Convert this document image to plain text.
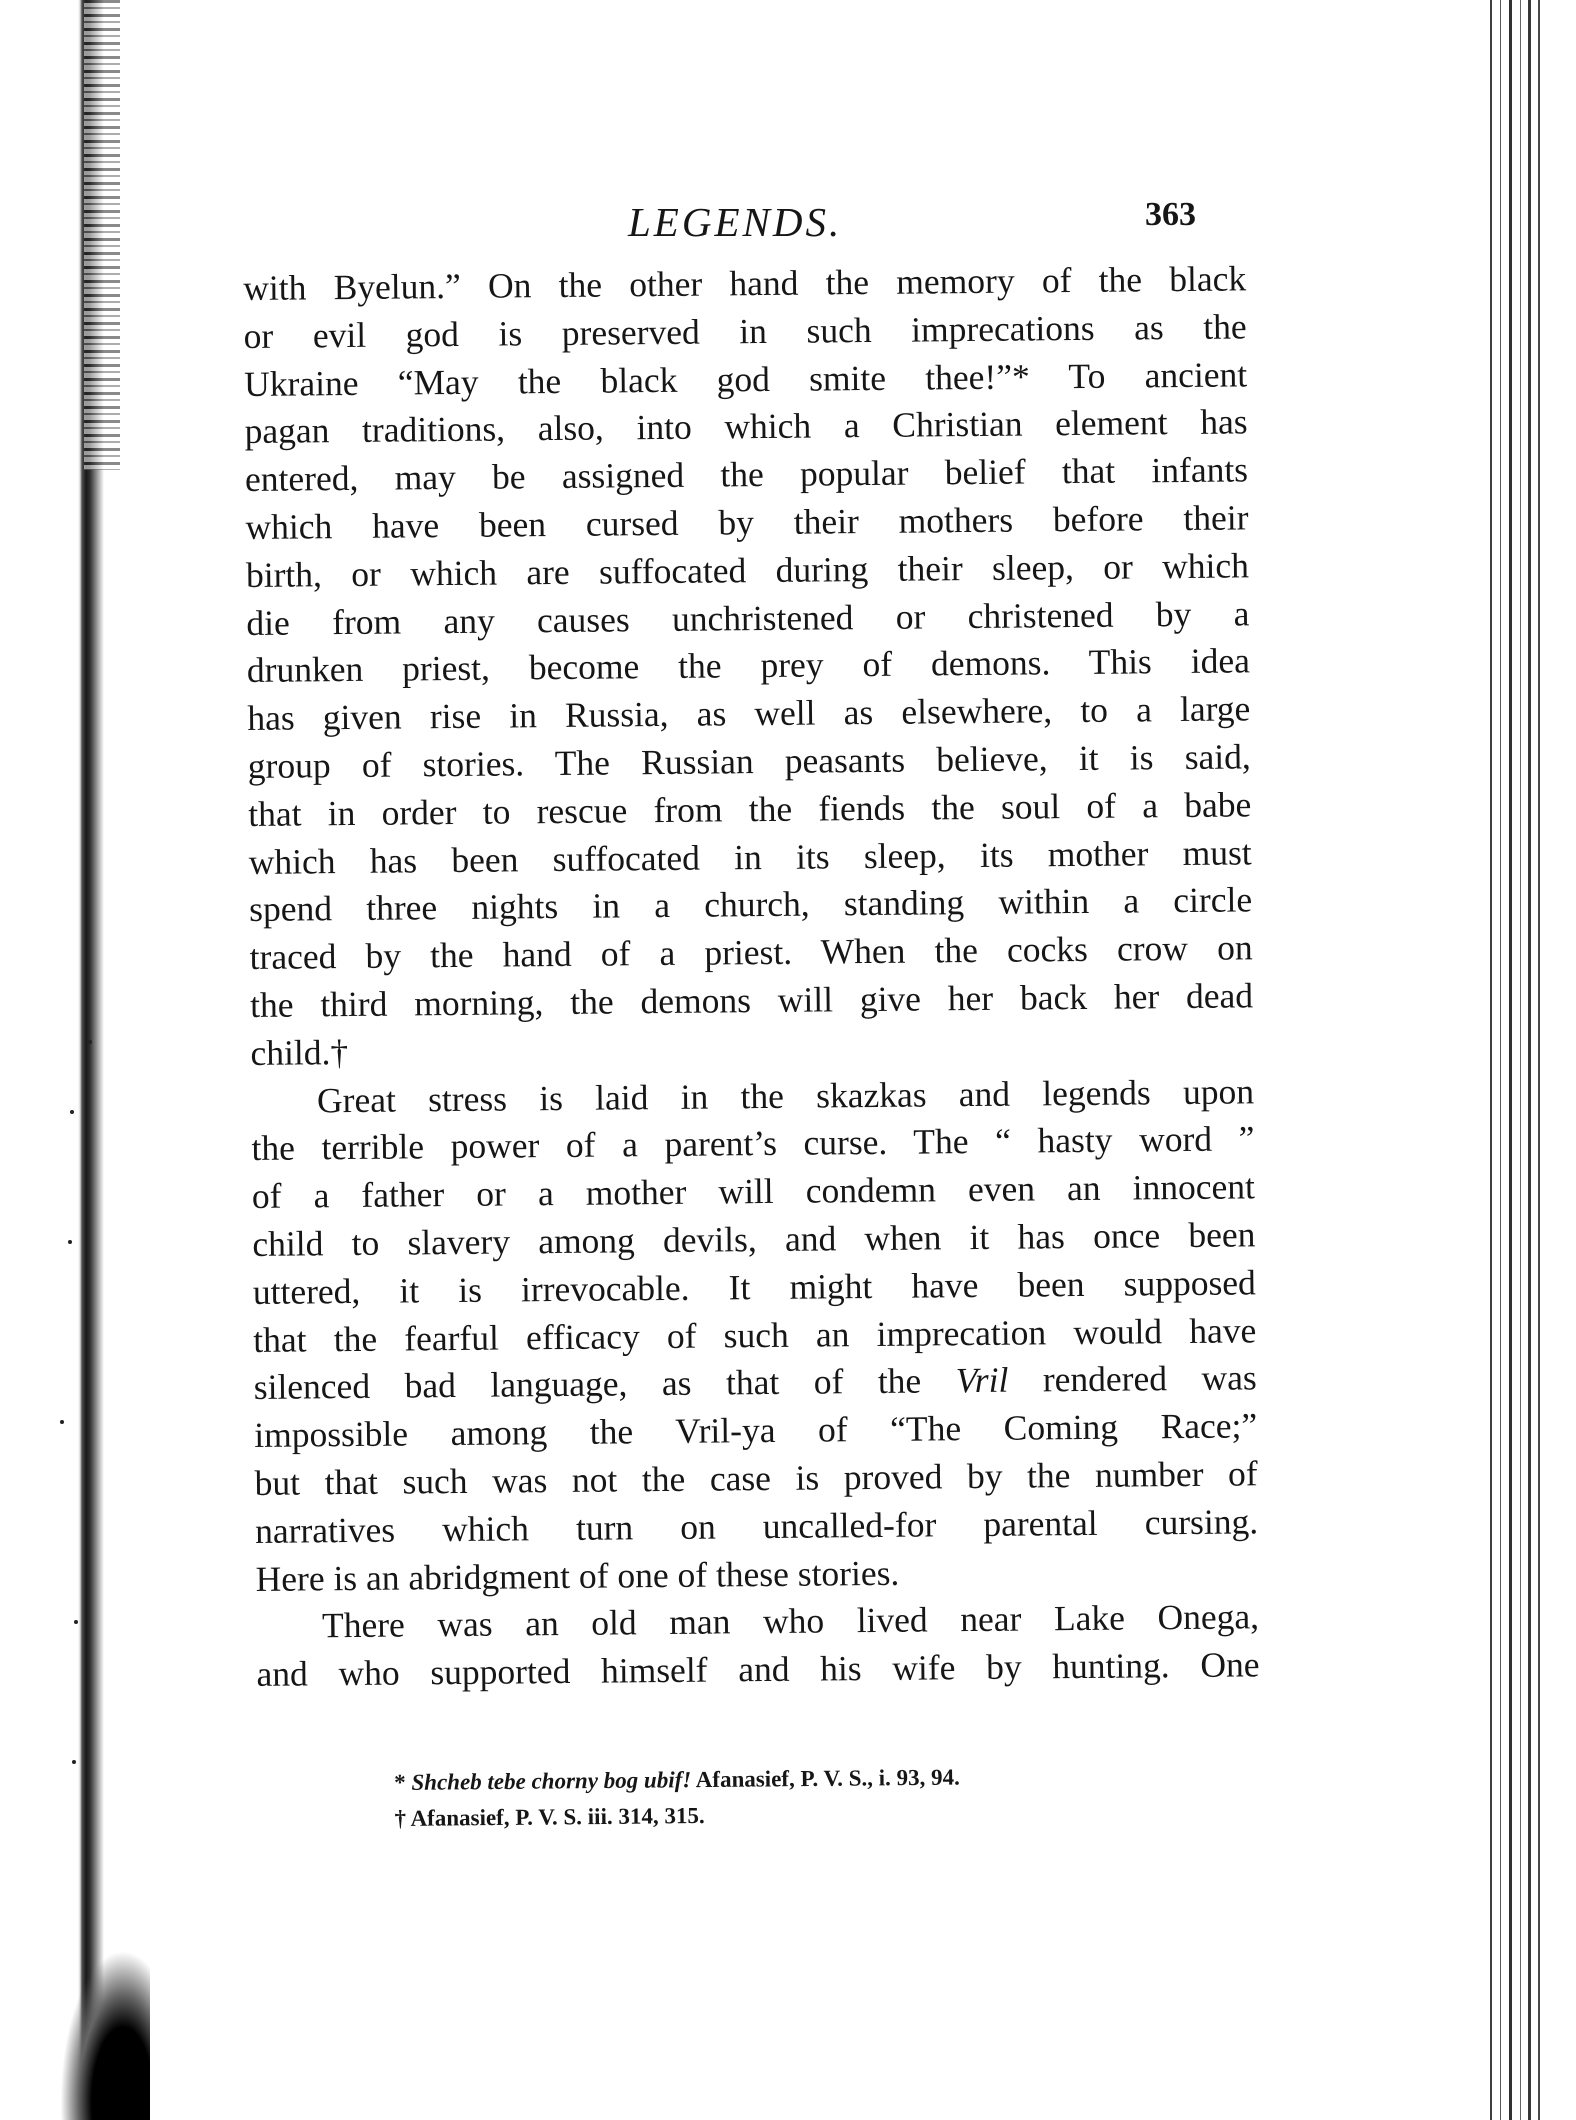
LEGENDS.	363
with Byelun.” On the other hand the memory of the black
or evil god is preserved in such imprecations as the
Ukraine “May the black god smite thee!”* To ancient
pagan traditions, also, into which a Christian element has
entered, may be assigned the popular belief that infants
which have been cursed by their mothers before their
birth, or which are suffocated during their sleep, or which
die from any causes unchristened or christened by a
drunken priest, become the prey of demons. This idea
has given rise in Russia, as well as elsewhere, to a large
group of stories. The Russian peasants believe, it is said,
that in order to rescue from the fiends the soul of a babe
which has been suffocated in its sleep, its mother must
spend three nights in a church, standing within a circle
traced by the hand of a priest. When the cocks crow on
the third morning, the demons will give her back her dead
child.†
Great stress is laid in the skazkas and legends upon
the terrible power of a parent’s curse. The “ hasty word ”
of a father or a mother will condemn even an innocent
child to slavery among devils, and when it has once been
uttered, it is irrevocable. It might have been supposed
that the fearful efficacy of such an imprecation would have
silenced bad language, as that of the Vril rendered was
impossible among the Vril-ya of “The Coming Race;”
but that such was not the case is proved by the number of
narratives which turn on uncalled-for parental cursing.
Here is an abridgment of one of these stories.
There was an old man who lived near Lake Onega,
and who supported himself and his wife by hunting. One
* Shcheb tebe chorny bog ubif! Afanasief, P. V. S., i. 93, 94.
† Afanasief, P. V. S. iii. 314, 315.
